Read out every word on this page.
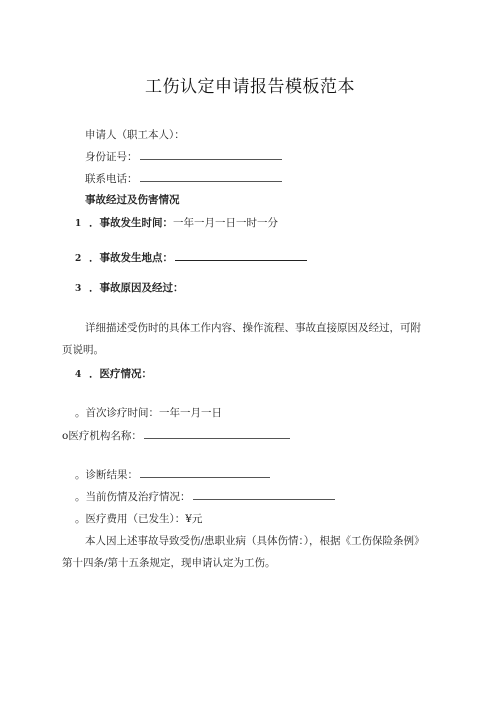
工伤认定申请报告模板范本
申请人（职工本人）：
身份证号：
联系电话：
事故经过及伤害情况
1 ．事故发生时间：一年一月一日一时一分
2 ．事故发生地点：
3 ．事故原因及经过：
详细描述受伤时的具体工作内容、操作流程、事故直接原因及经过，可附
页说明。
4 ．医疗情况：
。首次诊疗时间：一年一月一日
o医疗机构名称：
。诊断结果：
。当前伤情及治疗情况：
。医疗费用（已发生）：¥元
本人因上述事故导致受伤/患职业病（具体伤情：），根据《工伤保险条例》
第十四条/第十五条规定，现申请认定为工伤。
